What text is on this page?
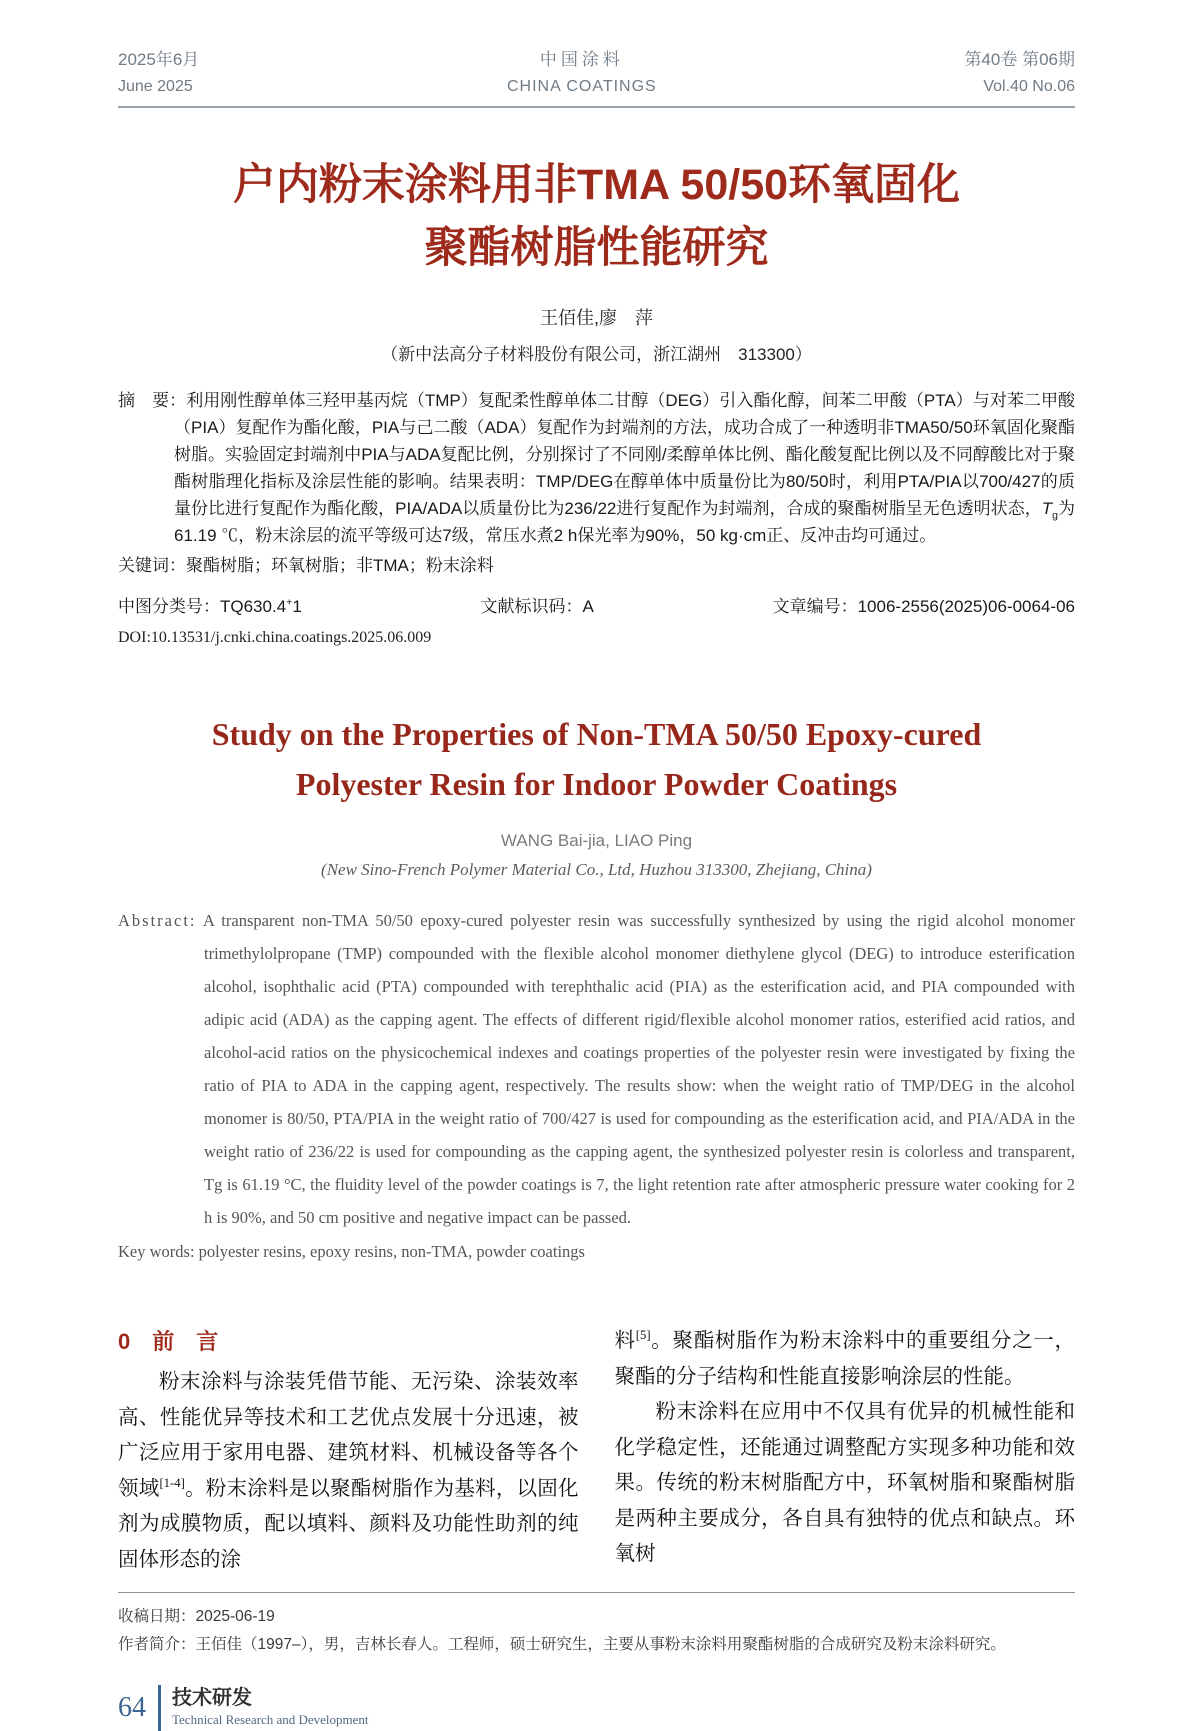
2025年6月
June 2025
中国涂料
CHINA COATINGS
第40卷 第06期
Vol.40 No.06
户内粉末涂料用非TMA 50/50环氧固化
聚酯树脂性能研究
王佰佳,廖　萍
（新中法高分子材料股份有限公司，浙江湖州　313300）
摘　要：利用刚性醇单体三羟甲基丙烷（TMP）复配柔性醇单体二甘醇（DEG）引入酯化醇，间苯二甲酸（PTA）与对苯二甲酸（PIA）复配作为酯化酸，PIA与己二酸（ADA）复配作为封端剂的方法，成功合成了一种透明非TMA50/50环氧固化聚酯树脂。实验固定封端剂中PIA与ADA复配比例，分别探讨了不同刚/柔醇单体比例、酯化酸复配比例以及不同醇酸比对于聚酯树脂理化指标及涂层性能的影响。结果表明：TMP/DEG在醇单体中质量份比为80/50时，利用PTA/PIA以700/427的质量份比进行复配作为酯化酸，PIA/ADA以质量份比为236/22进行复配作为封端剂，合成的聚酯树脂呈无色透明状态，$T_g$为61.19 ℃，粉末涂层的流平等级可达7级，常压水煮2 h保光率为90%，50 kg·cm正、反冲击均可通过。
关键词：聚酯树脂；环氧树脂；非TMA；粉末涂料
中图分类号：TQ630.4+1	文献标识码：A	文章编号：1006-2556(2025)06-0064-06
DOI:10.13531/j.cnki.china.coatings.2025.06.009
Study on the Properties of Non-TMA 50/50 Epoxy-cured
Polyester Resin for Indoor Powder Coatings
WANG Bai-jia, LIAO Ping
(New Sino-French Polymer Material Co., Ltd, Huzhou 313300, Zhejiang, China)
Abstract: A transparent non-TMA 50/50 epoxy-cured polyester resin was successfully synthesized by using the rigid alcohol monomer trimethylolpropane (TMP) compounded with the flexible alcohol monomer diethylene glycol (DEG) to introduce esterification alcohol, isophthalic acid (PTA) compounded with terephthalic acid (PIA) as the esterification acid, and PIA compounded with adipic acid (ADA) as the capping agent. The effects of different rigid/flexible alcohol monomer ratios, esterified acid ratios, and alcohol-acid ratios on the physicochemical indexes and coatings properties of the polyester resin were investigated by fixing the ratio of PIA to ADA in the capping agent, respectively. The results show: when the weight ratio of TMP/DEG in the alcohol monomer is 80/50, PTA/PIA in the weight ratio of 700/427 is used for compounding as the esterification acid, and PIA/ADA in the weight ratio of 236/22 is used for compounding as the capping agent, the synthesized polyester resin is colorless and transparent, Tg is 61.19 °C, the fluidity level of the powder coatings is 7, the light retention rate after atmospheric pressure water cooking for 2 h is 90%, and 50 cm positive and negative impact can be passed.
Key words: polyester resins, epoxy resins, non-TMA, powder coatings
0 前　言

粉末涂料与涂装凭借节能、无污染、涂装效率高、性能优异等技术和工艺优点发展十分迅速，被广泛应用于家用电器、建筑材料、机械设备等各个领域[1-4]。粉末涂料是以聚酯树脂作为基料，以固化剂为成膜物质，配以填料、颜料及功能性助剂的纯固体形态的涂

料[5]。聚酯树脂作为粉末涂料中的重要组分之一，聚酯的分子结构和性能直接影响涂层的性能。

粉末涂料在应用中不仅具有优异的机械性能和化学稳定性，还能通过调整配方实现多种功能和效果。传统的粉末树脂配方中，环氧树脂和聚酯树脂是两种主要成分，各自具有独特的优点和缺点。环氧树

收稿日期：2025-06-19
作者简介：王佰佳（1997–），男，吉林长春人。工程师，硕士研究生，主要从事粉末涂料用聚酯树脂的合成研究及粉末涂料研究。
64 技术研发
Technical Research and Development
